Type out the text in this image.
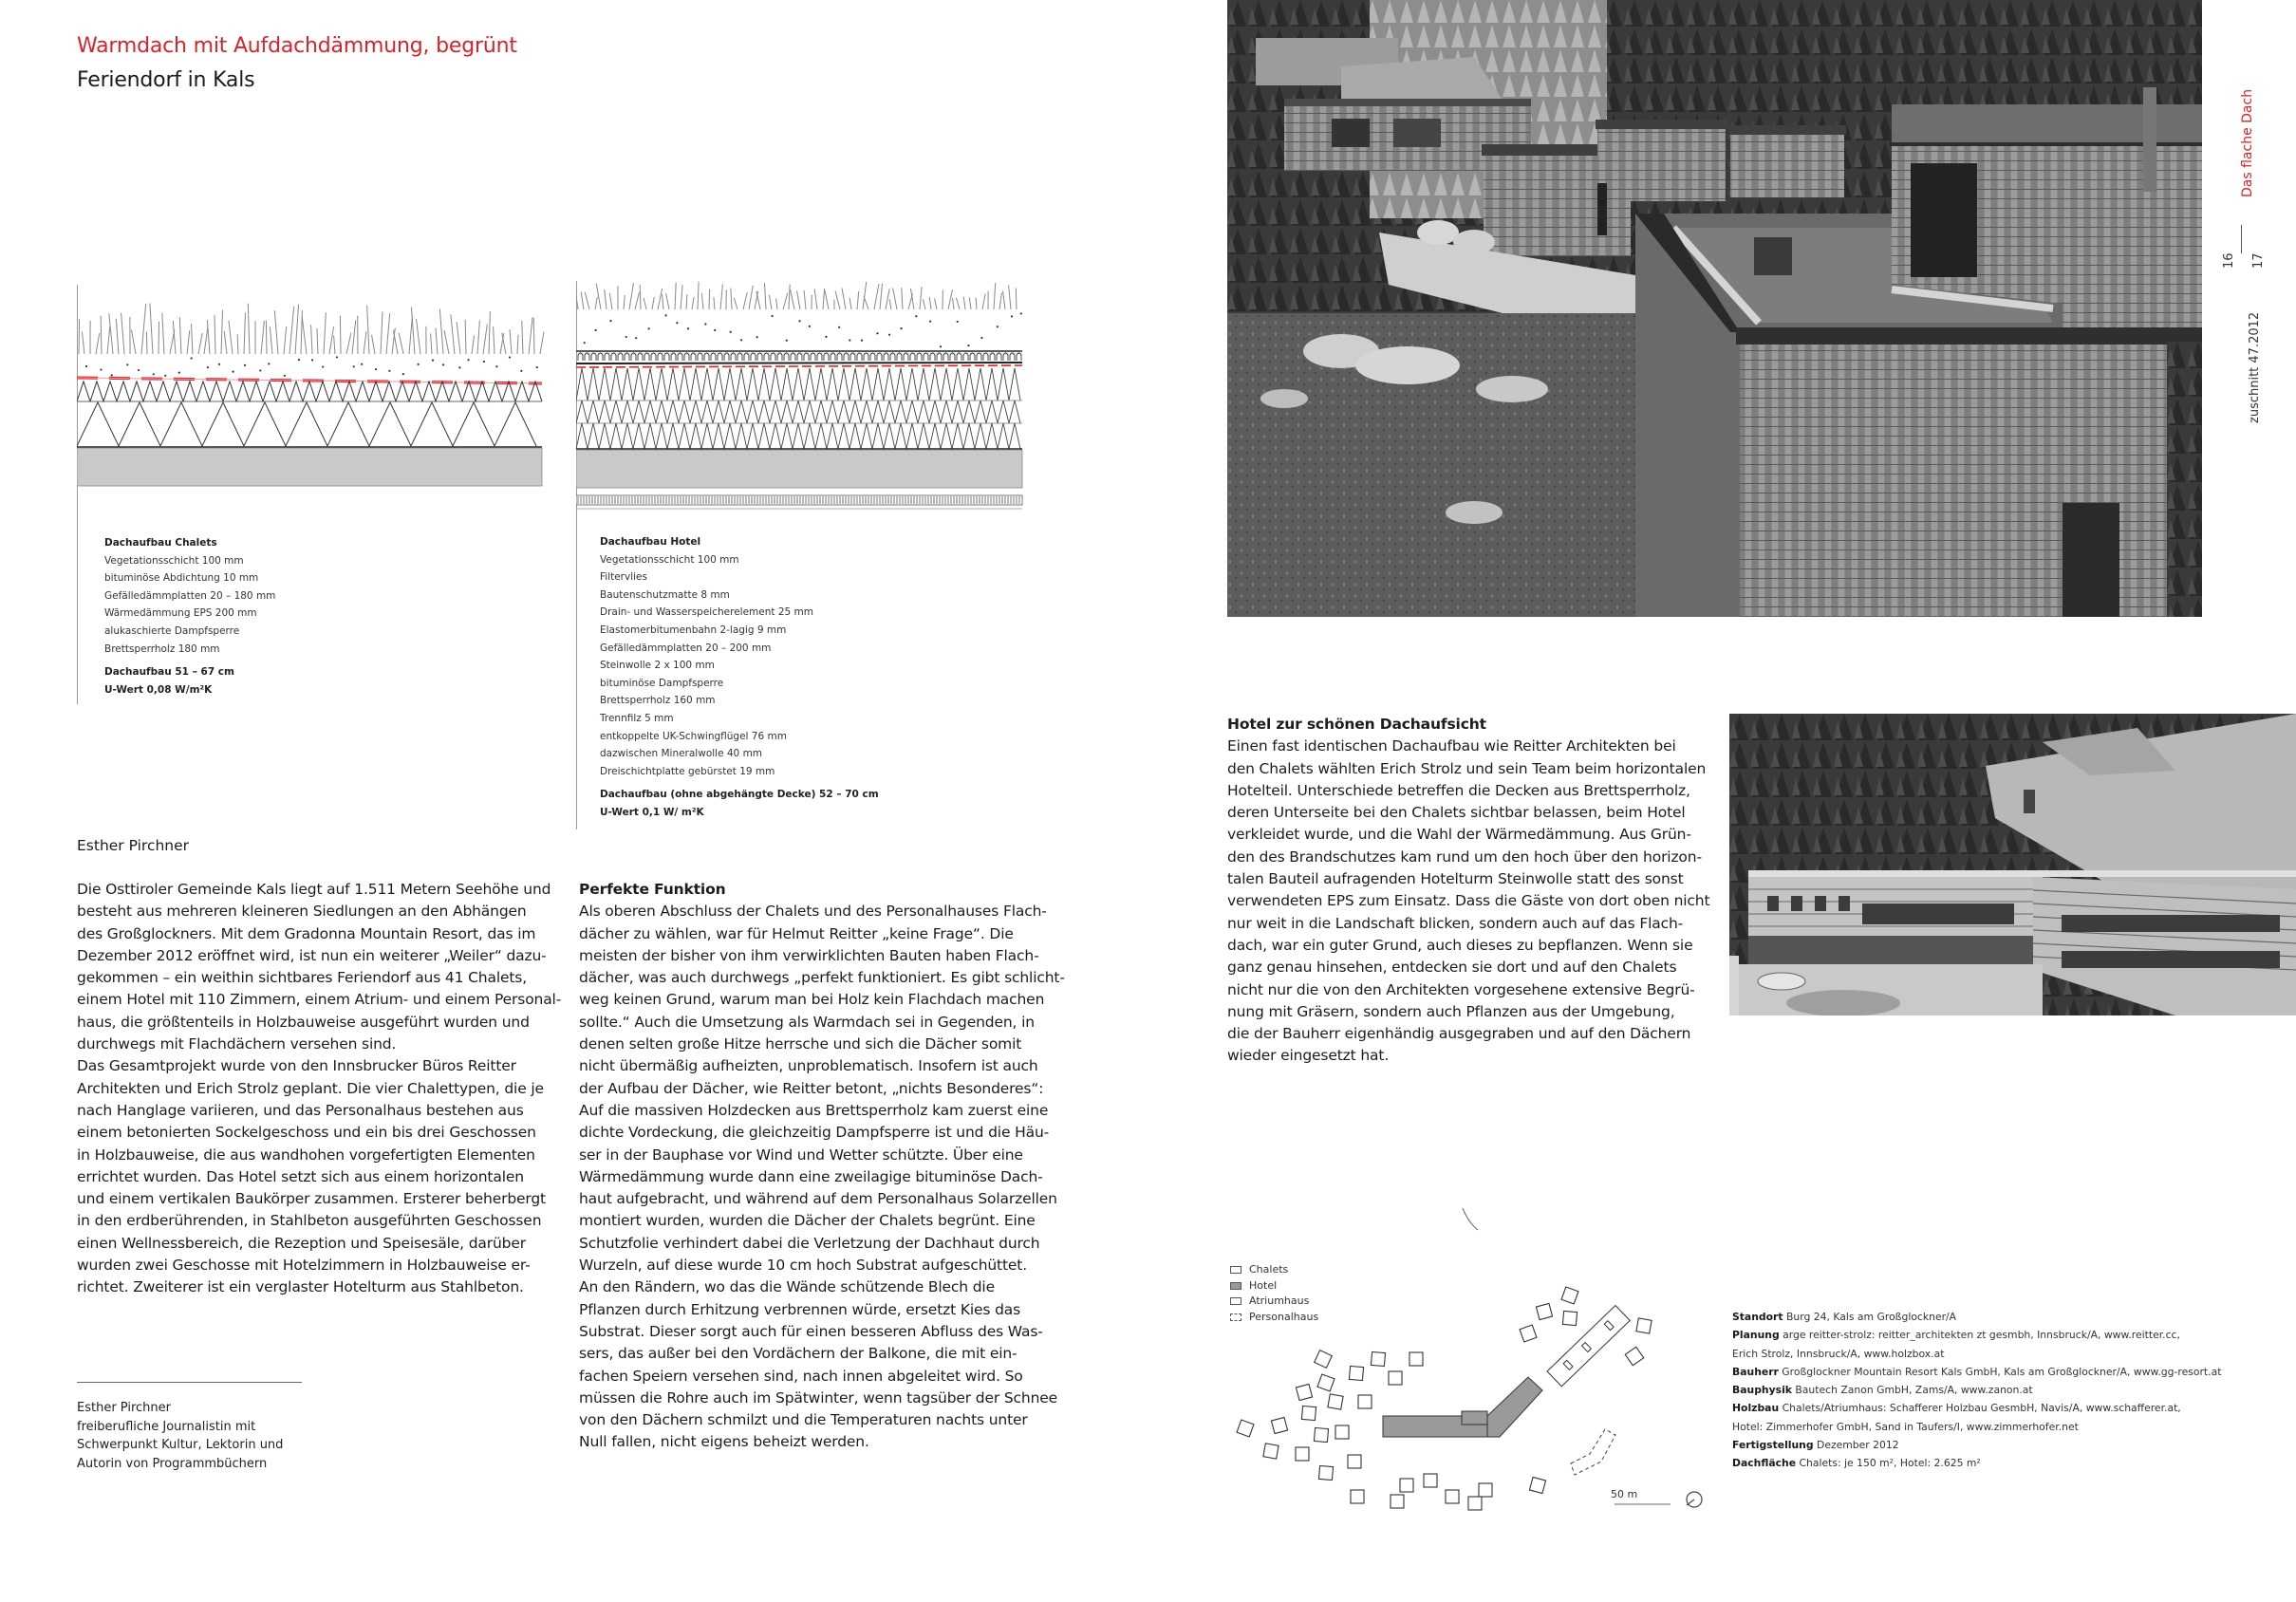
Warmdach mit Aufdachdämmung, begrünt
Feriendorf in Kals
Dachaufbau Chalets
Vegetationsschicht 100 mm
bituminöse Abdichtung 10 mm
Gefälledämmplatten 20 – 180 mm
Wärmedämmung EPS 200 mm
alukaschierte Dampfsperre
Brettsperrholz 180 mm
Dachaufbau 51 – 67 cm
U-Wert 0,08 W/m²K
Dachaufbau Hotel
Vegetationsschicht 100 mm
Filtervlies
Bautenschutzmatte 8 mm
Drain- und Wasserspeicherelement 25 mm
Elastomerbitumenbahn 2-lagig 9 mm
Gefälledämmplatten 20 – 200 mm
Steinwolle 2 x 100 mm
bituminöse Dampfsperre
Brettsperrholz 160 mm
Trennfilz 5 mm
entkoppelte UK-Schwingflügel 76 mm
dazwischen Mineralwolle 40 mm
Dreischichtplatte gebürstet 19 mm
Dachaufbau (ohne abgehängte Decke) 52 – 70 cm
U-Wert 0,1 W/ m²K
Esther Pirchner
Die Osttiroler Gemeinde Kals liegt auf 1.511 Metern Seehöhe und
besteht aus mehreren kleineren Siedlungen an den Abhängen
des Großglockners. Mit dem Gradonna Mountain Resort, das im
Dezember 2012 eröffnet wird, ist nun ein weiterer „Weiler“ dazu-
gekommen – ein weithin sichtbares Feriendorf aus 41 Chalets,
einem Hotel mit 110 Zimmern, einem Atrium- und einem Personal-
haus, die größtenteils in Holzbauweise ausgeführt wurden und
durchwegs mit Flachdächern versehen sind.
Das Gesamtprojekt wurde von den Innsbrucker Büros Reitter
Architekten und Erich Strolz geplant. Die vier Chalettypen, die je
nach Hanglage variieren, und das Personalhaus bestehen aus
einem betonierten Sockelgeschoss und ein bis drei Geschossen
in Holzbauweise, die aus wandhohen vorgefertigten Elementen
errichtet wurden. Das Hotel setzt sich aus einem horizontalen
und einem vertikalen Baukörper zusammen. Ersterer beherbergt
in den erdberührenden, in Stahlbeton ausgeführten Geschossen
einen Wellnessbereich, die Rezeption und Speisesäle, darüber
wurden zwei Geschosse mit Hotelzimmern in Holzbauweise er-
richtet. Zweiterer ist ein verglaster Hotelturm aus Stahlbeton.
Perfekte Funktion
Als oberen Abschluss der Chalets und des Personalhauses Flach-
dächer zu wählen, war für Helmut Reitter „keine Frage“. Die
meisten der bisher von ihm verwirklichten Bauten haben Flach-
dächer, was auch durchwegs „perfekt funktioniert. Es gibt schlicht-
weg keinen Grund, warum man bei Holz kein Flachdach machen
sollte.“ Auch die Umsetzung als Warmdach sei in Gegenden, in
denen selten große Hitze herrsche und sich die Dächer somit
nicht übermäßig aufheizten, unproblematisch. Insofern ist auch
der Aufbau der Dächer, wie Reitter betont, „nichts Besonderes“:
Auf die massiven Holzdecken aus Brettsperrholz kam zuerst eine
dichte Vordeckung, die gleichzeitig Dampfsperre ist und die Häu-
ser in der Bauphase vor Wind und Wetter schützte. Über eine
Wärmedämmung wurde dann eine zweilagige bituminöse Dach-
haut aufgebracht, und während auf dem Personalhaus Solarzellen
montiert wurden, wurden die Dächer der Chalets begrünt. Eine
Schutzfolie verhindert dabei die Verletzung der Dachhaut durch
Wurzeln, auf diese wurde 10 cm hoch Substrat aufgeschüttet.
An den Rändern, wo das die Wände schützende Blech die
Pflanzen durch Erhitzung verbrennen würde, ersetzt Kies das
Substrat. Dieser sorgt auch für einen besseren Abfluss des Was-
sers, das außer bei den Vordächern der Balkone, die mit ein-
fachen Speiern versehen sind, nach innen abgeleitet wird. So
müssen die Rohre auch im Spätwinter, wenn tagsüber der Schnee
von den Dächern schmilzt und die Temperaturen nachts unter
Null fallen, nicht eigens beheizt werden.
Hotel zur schönen Dachaufsicht
Einen fast identischen Dachaufbau wie Reitter Architekten bei
den Chalets wählten Erich Strolz und sein Team beim horizontalen
Hotelteil. Unterschiede betreffen die Decken aus Brettsperrholz,
deren Unterseite bei den Chalets sichtbar belassen, beim Hotel
verkleidet wurde, und die Wahl der Wärmedämmung. Aus Grün-
den des Brandschutzes kam rund um den hoch über den horizon-
talen Bauteil aufragenden Hotelturm Steinwolle statt des sonst
verwendeten EPS zum Einsatz. Dass die Gäste von dort oben nicht
nur weit in die Landschaft blicken, sondern auch auf das Flach-
dach, war ein guter Grund, auch dieses zu bepflanzen. Wenn sie
ganz genau hinsehen, entdecken sie dort und auf den Chalets
nicht nur die von den Architekten vorgesehene extensive Begrü-
nung mit Gräsern, sondern auch Pflanzen aus der Umgebung,
die der Bauherr eigenhändig ausgegraben und auf den Dächern
wieder eingesetzt hat.
Esther Pirchner
freiberufliche Journalistin mit
Schwerpunkt Kultur, Lektorin und
Autorin von Programmbüchern
Das flache Dach
16 17
zuschnitt 47.2012
Chalets
Hotel
Atriumhaus
Personalhaus
50 m
Standort Burg 24, Kals am Großglockner/A
Planung arge reitter-strolz: reitter_architekten zt gesmbh, Innsbruck/A, www.reitter.cc,
Erich Strolz, Innsbruck/A, www.holzbox.at
Bauherr Großglockner Mountain Resort Kals GmbH, Kals am Großglockner/A, www.gg-resort.at
Bauphysik Bautech Zanon GmbH, Zams/A, www.zanon.at
Holzbau Chalets/Atriumhaus: Schafferer Holzbau GesmbH, Navis/A, www.schafferer.at,
Hotel: Zimmerhofer GmbH, Sand in Taufers/I, www.zimmerhofer.net
Fertigstellung Dezember 2012
Dachfläche Chalets: je 150 m², Hotel: 2.625 m²
